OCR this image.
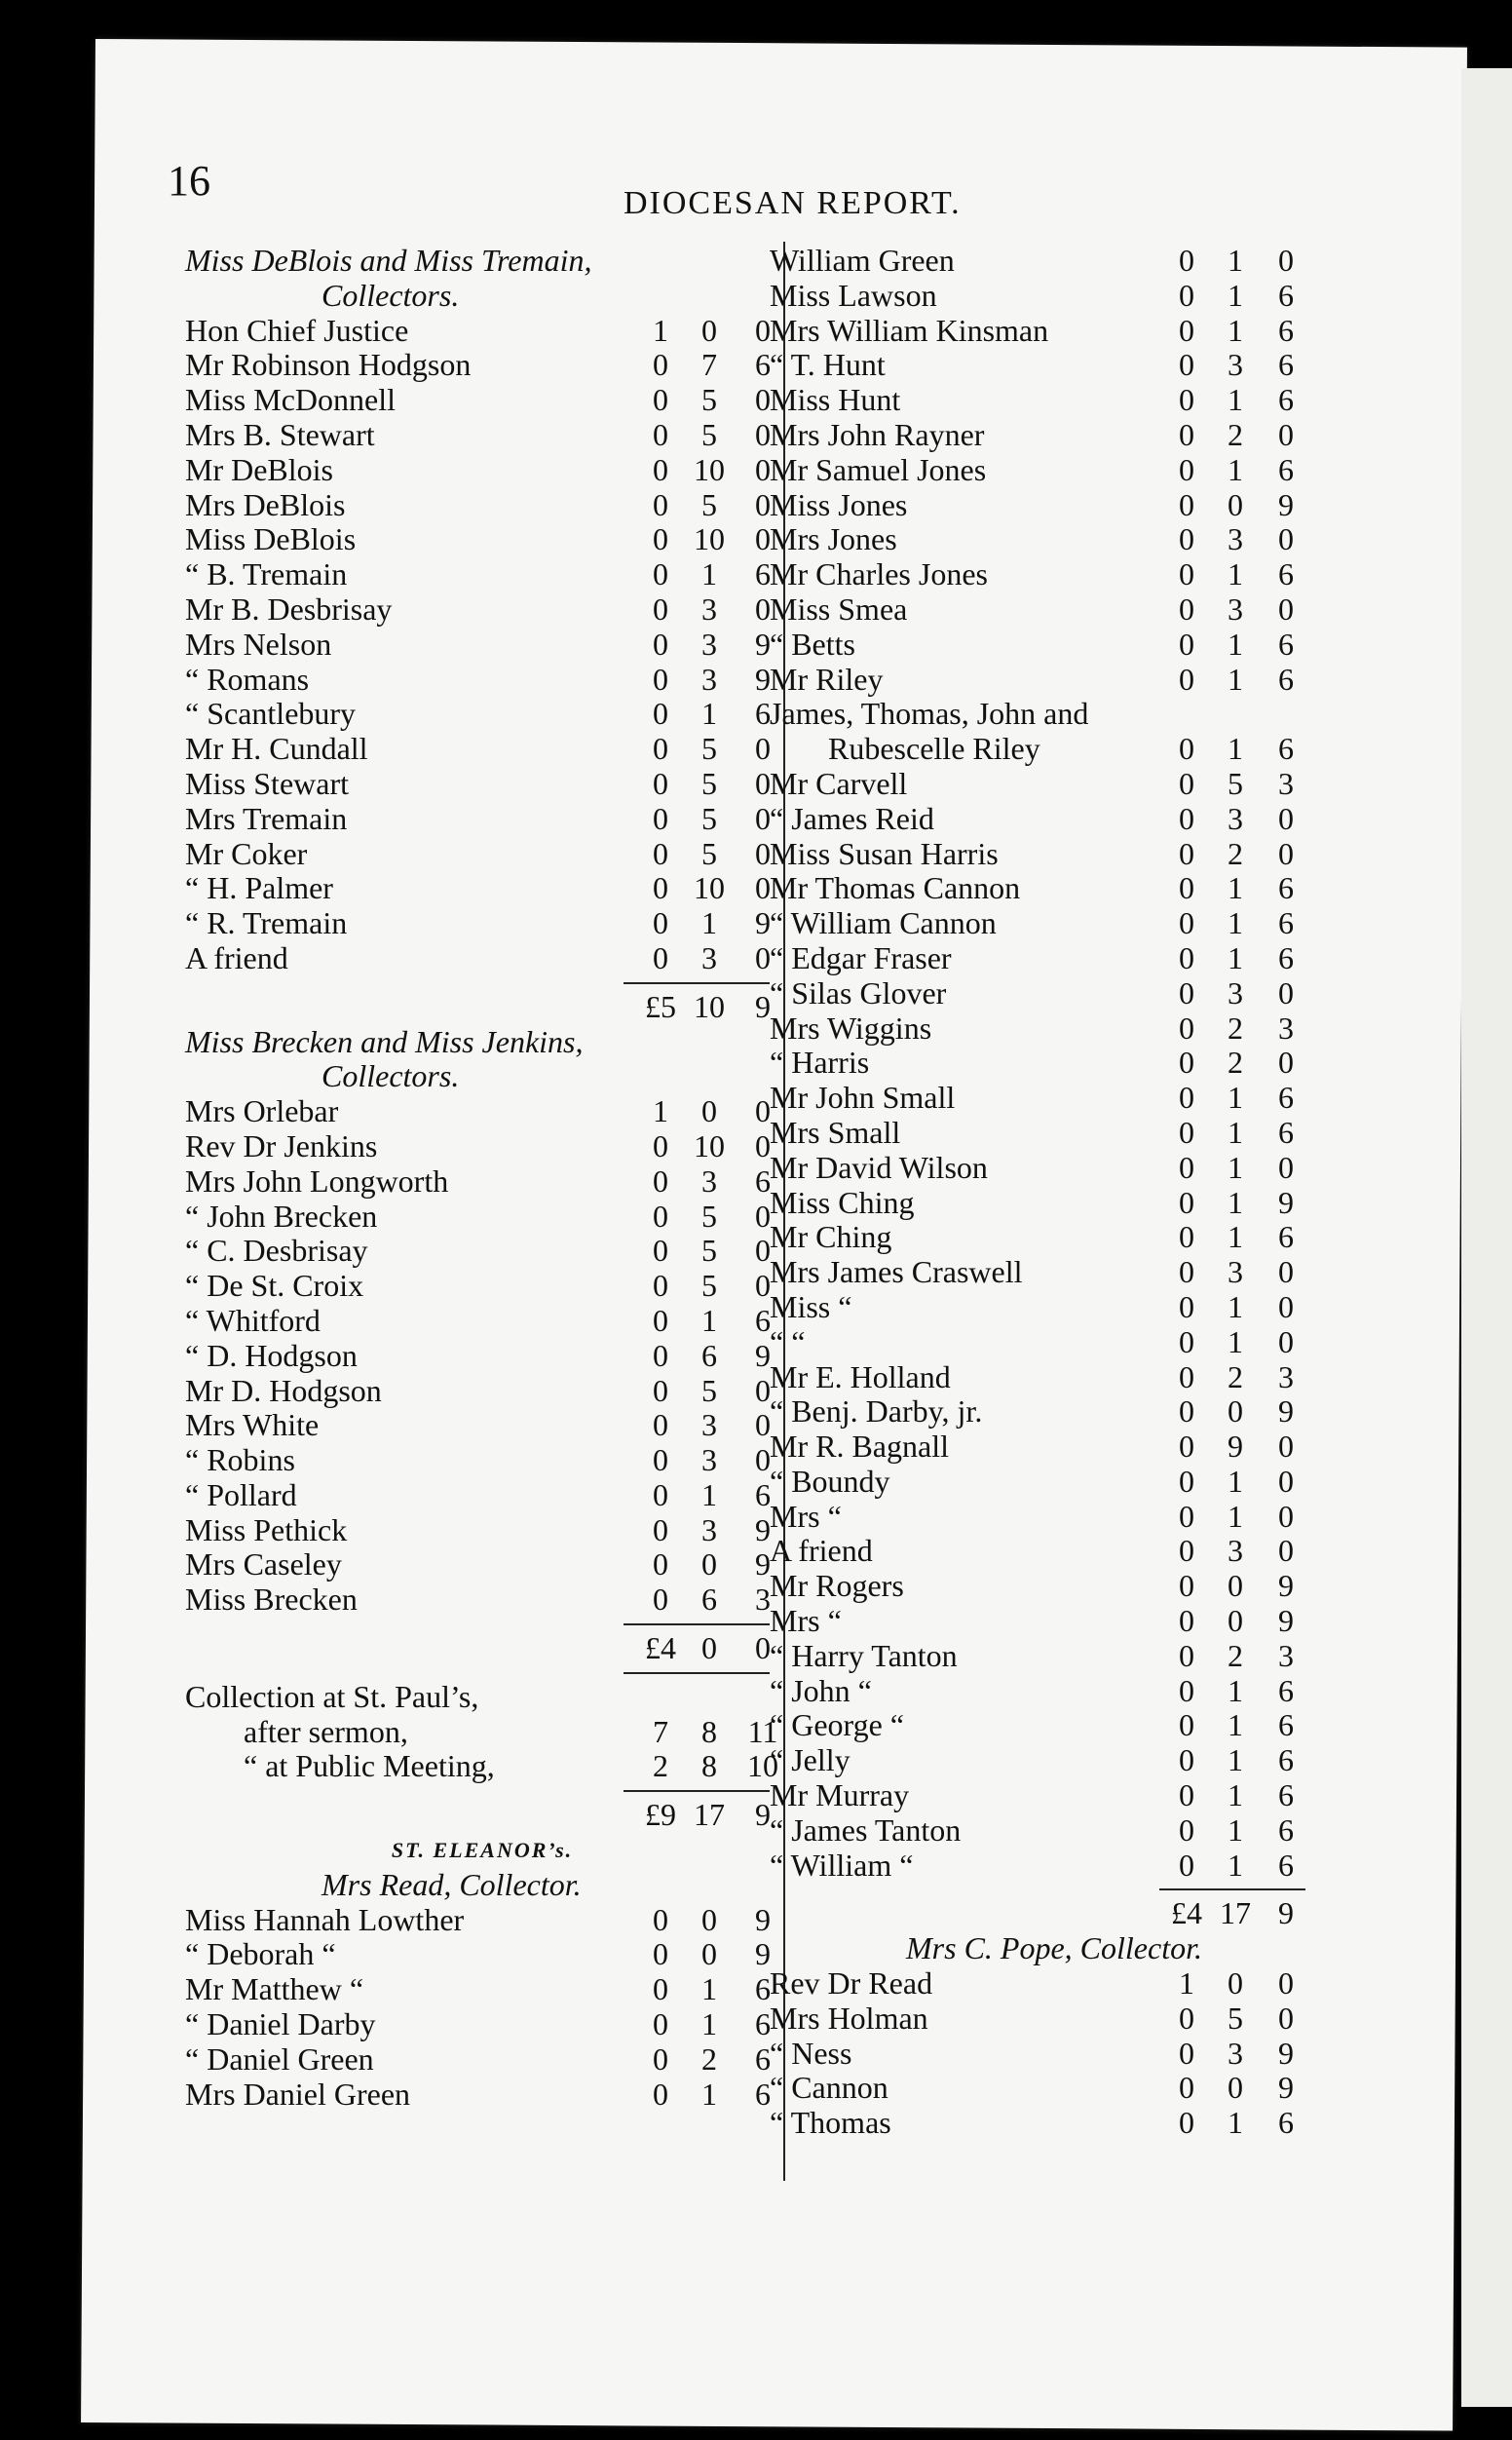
16	DIOCESAN REPORT.
Miss DeBlois and Miss Tremain,
Collectors.
Hon Chief Justice	1	0	0
Mr Robinson Hodgson	0	7	6
Miss McDonnell	0	5	0
Mrs B. Stewart	0	5	0
Mr DeBlois	0 10 0
Mrs DeBlois	0	5	0
Miss DeBlois	0 10 0
“ B. Tremain	0	1	6
Mr B. Desbrisay	0	3	0
Mrs Nelson	0	3	9
“ Romans	0	3	9
“ Scantlebury	0	1	6
Mr H. Cundall	0	5	0
Miss Stewart	0	5	0
Mrs Tremain	0	5	0
Mr Coker	0	5	0
“ H. Palmer	0 10 0
“ R. Tremain	0	1	9
A friend	0	3	0
£5 10 9
Miss Brecken and Miss Jenkins,
Collectors.
Mrs Orlebar	1	0	0
Rev Dr Jenkins	0 10 0
Mrs John Longworth	0	3	6
“ John Brecken	0	5	0
“ C. Desbrisay	0	5	0
“ De St. Croix	0	5	0
“ Whitford	0	1	6
“ D. Hodgson	0	6	9
Mr D. Hodgson	0	5	0
Mrs White	0	3	0
“ Robins	0	3	0
“ Pollard	0	1	6
Miss Pethick	0	3	9
Mrs Caseley	0	0	9
Miss Brecken	0	6	3
£4 0	0
Collection at St. Paul’s,
after sermon,	7	8 11
“ at Public Meeting,	2	8 10
£9 17 9
ST. ELEANOR’s.
Mrs Read, Collector.
Miss Hannah Lowther	0	0	9
“ Deborah “	0	0	9
Mr Matthew “	0	1	6
“ Daniel Darby	0	1	6
“ Daniel Green	0	2	6
Mrs Daniel Green	0	1	6
William Green	0	1	0
Miss Lawson	0	1	6
Mrs William Kinsman	0	1	6
“ T. Hunt	0	3	6
Miss Hunt	0	1	6
Mrs John Rayner	0	2	0
Mr Samuel Jones	0	1	6
Miss Jones	0	0	9
Mrs Jones	0	3	0
Mr Charles Jones	0	1	6
Miss Smea	0	3	0
“ Betts	0	1	6
Mr Riley	0	1	6
James, Thomas, John and
Rubescelle Riley	0	1	6
Mr Carvell	0	5	3
“ James Reid	0	3	0
Miss Susan Harris	0	2	0
Mr Thomas Cannon	0	1	6
“ William Cannon	0	1	6
“ Edgar Fraser	0	1	6
“ Silas Glover	0	3	0
Mrs Wiggins	0	2	3
“ Harris	0	2	0
Mr John Small	0	1	6
Mrs Small	0	1	6
Mr David Wilson	0	1	0
Miss Ching	0	1	9
Mr Ching	0	1	6
Mrs James Craswell	0	3	0
Miss “	0	1	0
“ “	0	1	0
Mr E. Holland	0	2	3
“ Benj. Darby, jr.	0	0	9
Mr R. Bagnall	0	9	0
“ Boundy	0	1	0
Mrs “	0	1	0
A friend	0	3	0
Mr Rogers	0	0	9
Mrs “	0	0	9
“ Harry Tanton	0	2	3
“ John “	0	1	6
“ George “	0	1	6
“ Jelly	0	1	6
Mr Murray	0	1	6
“ James Tanton	0	1	6
“ William “	0	1	6
£4 17 9
Mrs C. Pope, Collector.
Rev Dr Read	1	0	0
Mrs Holman	0	5	0
“ Ness	0	3	9
“ Cannon	0	0	9
“ Thomas	0	1	6
